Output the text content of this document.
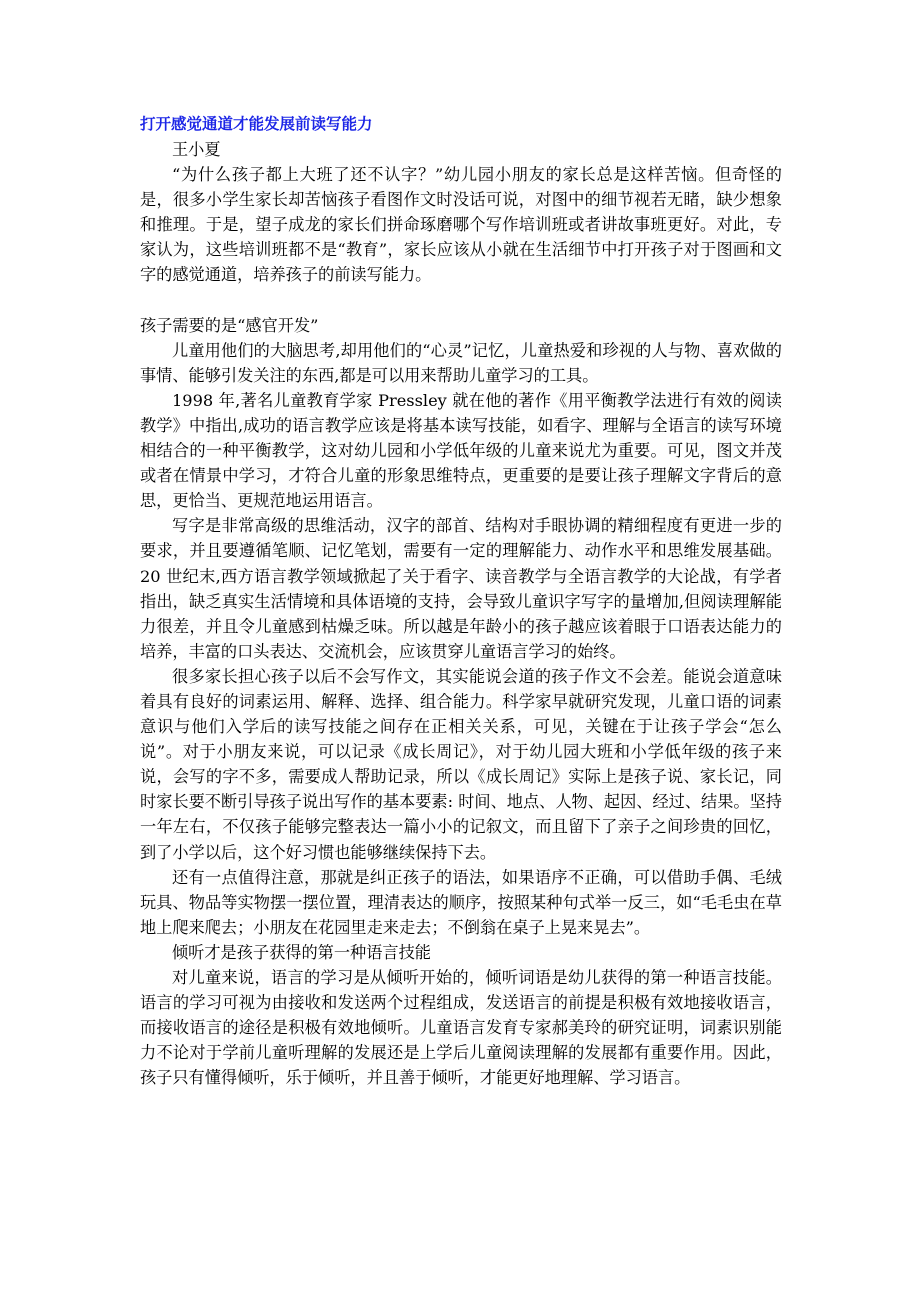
打开感觉通道才能发展前读写能力

王小夏

“为什么孩子都上大班了还不认字？”幼儿园小朋友的家长总是这样苦恼。但奇怪的是，很多小学生家长却苦恼孩子看图作文时没话可说，对图中的细节视若无睹，缺少想象和推理。于是，望子成龙的家长们拼命琢磨哪个写作培训班或者讲故事班更好。对此，专家认为，这些培训班都不是“教育”，家长应该从小就在生活细节中打开孩子对于图画和文字的感觉通道，培养孩子的前读写能力。

孩子需要的是“感官开发”

儿童用他们的大脑思考,却用他们的“心灵”记忆，儿童热爱和珍视的人与物、喜欢做的事情、能够引发关注的东西,都是可以用来帮助儿童学习的工具。

1998 年,著名儿童教育学家 Pressley 就在他的著作《用平衡教学法进行有效的阅读教学》中指出,成功的语言教学应该是将基本读写技能，如看字、理解与全语言的读写环境相结合的一种平衡教学，这对幼儿园和小学低年级的儿童来说尤为重要。可见，图文并茂或者在情景中学习，才符合儿童的形象思维特点，更重要的是要让孩子理解文字背后的意思，更恰当、更规范地运用语言。

写字是非常高级的思维活动，汉字的部首、结构对手眼协调的精细程度有更进一步的要求，并且要遵循笔顺、记忆笔划，需要有一定的理解能力、动作水平和思维发展基础。20 世纪末,西方语言教学领域掀起了关于看字、读音教学与全语言教学的大论战，有学者指出，缺乏真实生活情境和具体语境的支持，会导致儿童识字写字的量增加,但阅读理解能力很差，并且令儿童感到枯燥乏味。所以越是年龄小的孩子越应该着眼于口语表达能力的培养，丰富的口头表达、交流机会，应该贯穿儿童语言学习的始终。

很多家长担心孩子以后不会写作文，其实能说会道的孩子作文不会差。能说会道意味着具有良好的词素运用、解释、选择、组合能力。科学家早就研究发现，儿童口语的词素意识与他们入学后的读写技能之间存在正相关关系，可见，关键在于让孩子学会“怎么说”。对于小朋友来说，可以记录《成长周记》，对于幼儿园大班和小学低年级的孩子来说，会写的字不多，需要成人帮助记录，所以《成长周记》实际上是孩子说、家长记，同时家长要不断引导孩子说出写作的基本要素: 时间、地点、人物、起因、经过、结果。坚持一年左右，不仅孩子能够完整表达一篇小小的记叙文，而且留下了亲子之间珍贵的回忆，到了小学以后，这个好习惯也能够继续保持下去。

还有一点值得注意，那就是纠正孩子的语法，如果语序不正确，可以借助手偶、毛绒玩具、物品等实物摆一摆位置，理清表达的顺序，按照某种句式举一反三，如“毛毛虫在草地上爬来爬去；小朋友在花园里走来走去；不倒翁在桌子上晃来晃去”。

倾听才是孩子获得的第一种语言技能

对儿童来说，语言的学习是从倾听开始的，倾听词语是幼儿获得的第一种语言技能。语言的学习可视为由接收和发送两个过程组成，发送语言的前提是积极有效地接收语言，而接收语言的途径是积极有效地倾听。儿童语言发育专家郝美玲的研究证明，词素识别能力不论对于学前儿童听理解的发展还是上学后儿童阅读理解的发展都有重要作用。因此，孩子只有懂得倾听，乐于倾听，并且善于倾听，才能更好地理解、学习语言。
